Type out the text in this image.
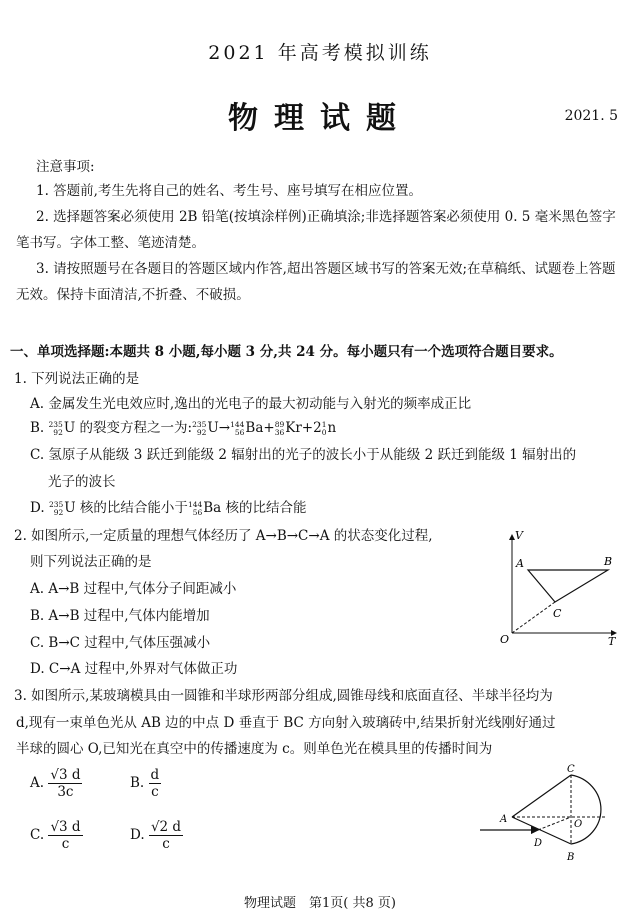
2021 年高考模拟训练
物理试题	2021. 5
注意事项:
1. 答题前,考生先将自己的姓名、考生号、座号填写在相应位置。
2. 选择题答案必须使用 2B 铅笔(按填涂样例)正确填涂;非选择题答案必须使用 0. 5 毫米黑色签字笔书写。字体工整、笔迹清楚。
3. 请按照题号在各题目的答题区域内作答,超出答题区域书写的答案无效;在草稿纸、试题卷上答题无效。保持卡面清洁,不折叠、不破损。
一、单项选择题:本题共 8 小题,每小题 3 分,共 24 分。每小题只有一个选项符合题目要求。
1. 下列说法正确的是
A. 金属发生光电效应时,逸出的光电子的最大初动能与入射光的频率成正比
B. 235
92 U 的裂变方程之一为: 235
92 U→ 144
56 Ba+ 89
36 Kr+2 1
0 n
C. 氢原子从能级 3 跃迁到能级 2 辐射出的光子的波长小于从能级 2 跃迁到能级 1 辐射出的
光子的波长
D. 235
92 U 核的比结合能小于 144
56 Ba 核的比结合能
2. 如图所示,一定质量的理想气体经历了 A→B→C→A 的状态变化过程,
则下列说法正确的是
A. A→B 过程中,气体分子间距减小
B. A→B 过程中,气体内能增加
C. B→C 过程中,气体压强减小
D. C→A 过程中,外界对气体做正功
V
T
O
A	B
C
3. 如图所示,某玻璃模具由一圆锥和半球形两部分组成,圆锥母线和底面直径、半球半径均为
d,现有一束单色光从 AB 边的中点 D 垂直于 BC 方向射入玻璃砖中,结果折射光线刚好通过
半球的圆心 O,已知光在真空中的传播速度为 c。则单色光在模具里的传播时间为
A. $\frac{√3 d}{3c}$	B. $\frac{d}{c}$
C. $\frac{√3 d}{c}$	D. $\frac{√2 d}{c}$	A
B
C
D
O
物理试题　第1页( 共8 页)
